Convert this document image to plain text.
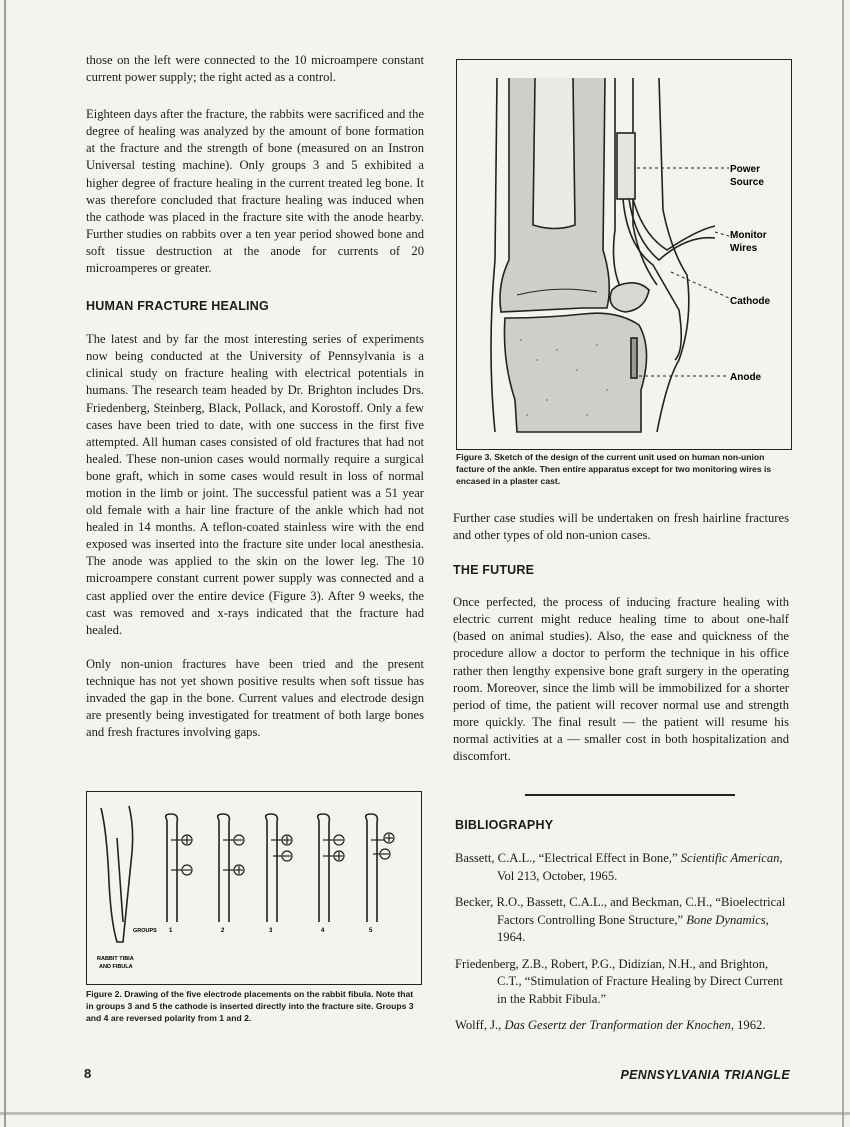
those on the left were connected to the 10 microampere constant current power supply; the right acted as a control.

Eighteen days after the fracture, the rabbits were sacrificed and the degree of healing was analyzed by the amount of bone formation at the fracture and the strength of bone (measured on an Instron Universal testing machine). Only groups 3 and 5 exhibited a higher degree of fracture healing in the current treated leg bone. It was therefore concluded that fracture healing was induced when the cathode was placed in the fracture site with the anode hearby. Further studies on rabbits over a ten year period showed bone and soft tissue destruction at the anode for currents of 20 microamperes or greater.

HUMAN FRACTURE HEALING

The latest and by far the most interesting series of experiments now being conducted at the University of Pennsylvania is a clinical study on fracture healing with electrical potentials in humans. The research team headed by Dr. Brighton includes Drs. Friedenberg, Steinberg, Black, Pollack, and Korostoff. Only a few cases have been tried to date, with one success in the first five attempted. All human cases consisted of old fractures that had not healed. These non-union cases would normally require a surgical bone graft, which in some cases would result in loss of normal motion in the limb or joint. The successful patient was a 51 year old female with a hair line fracture of the ankle which had not healed in 14 months. A teflon-coated stainless wire with the end exposed was inserted into the fracture site under local anesthesia. The anode was applied to the skin on the lower leg. The 10 microampere constant current power supply was connected and a cast applied over the entire device (Figure 3). After 9 weeks, the cast was removed and x-rays indicated that the fracture had healed.

Only non-union fractures have been tried and the present technique has not yet shown positive results when soft tissue has invaded the gap in the bone. Current values and electrode design are presently being investigated for treatment of both large bones and fresh fractures involving gaps.

Power
Source
Monitor
Wires
Cathode
Anode
Figure 3. Sketch of the design of the current unit used on human non-union facture of the ankle. Then entire apparatus except for two monitoring wires is encased in a plaster cast.
GROUPS 1	2	3	4	5
RABBIT TIBIA
AND FIBULA
Figure 2. Drawing of the five electrode placements on the rabbit fibula. Note that in groups 3 and 5 the cathode is inserted directly into the fracture site. Groups 3 and 4 are reversed polarity from 1 and 2.

Further case studies will be undertaken on fresh hairline fractures and other types of old non-union cases.

THE FUTURE

Once perfected, the process of inducing fracture healing with electric current might reduce healing time to about one-half (based on animal studies). Also, the ease and quickness of the procedure allow a doctor to perform the technique in his office rather then lengthy expensive bone graft surgery in the operating room. Moreover, since the limb will be immobilized for a shorter period of time, the patient will recover normal use and strength more quickly. The final result — the patient will resume his normal activities at a — smaller cost in both hospitalization and discomfort.

BIBLIOGRAPHY

Bassett, C.A.L., “Electrical Effect in Bone,” Scientific American, Vol 213, October, 1965.

Becker, R.O., Bassett, C.A.L., and Beckman, C.H., “Bioelectrical Factors Controlling Bone Structure,” Bone Dynamics, 1964.

Friedenberg, Z.B., Robert, P.G., Didizian, N.H., and Brighton, C.T., “Stimulation of Fracture Healing by Direct Current in the Rabbit Fibula.”

Wolff, J., Das Gesertz der Tranformation der Knochen, 1962.

8	PENNSYLVANIA TRIANGLE
